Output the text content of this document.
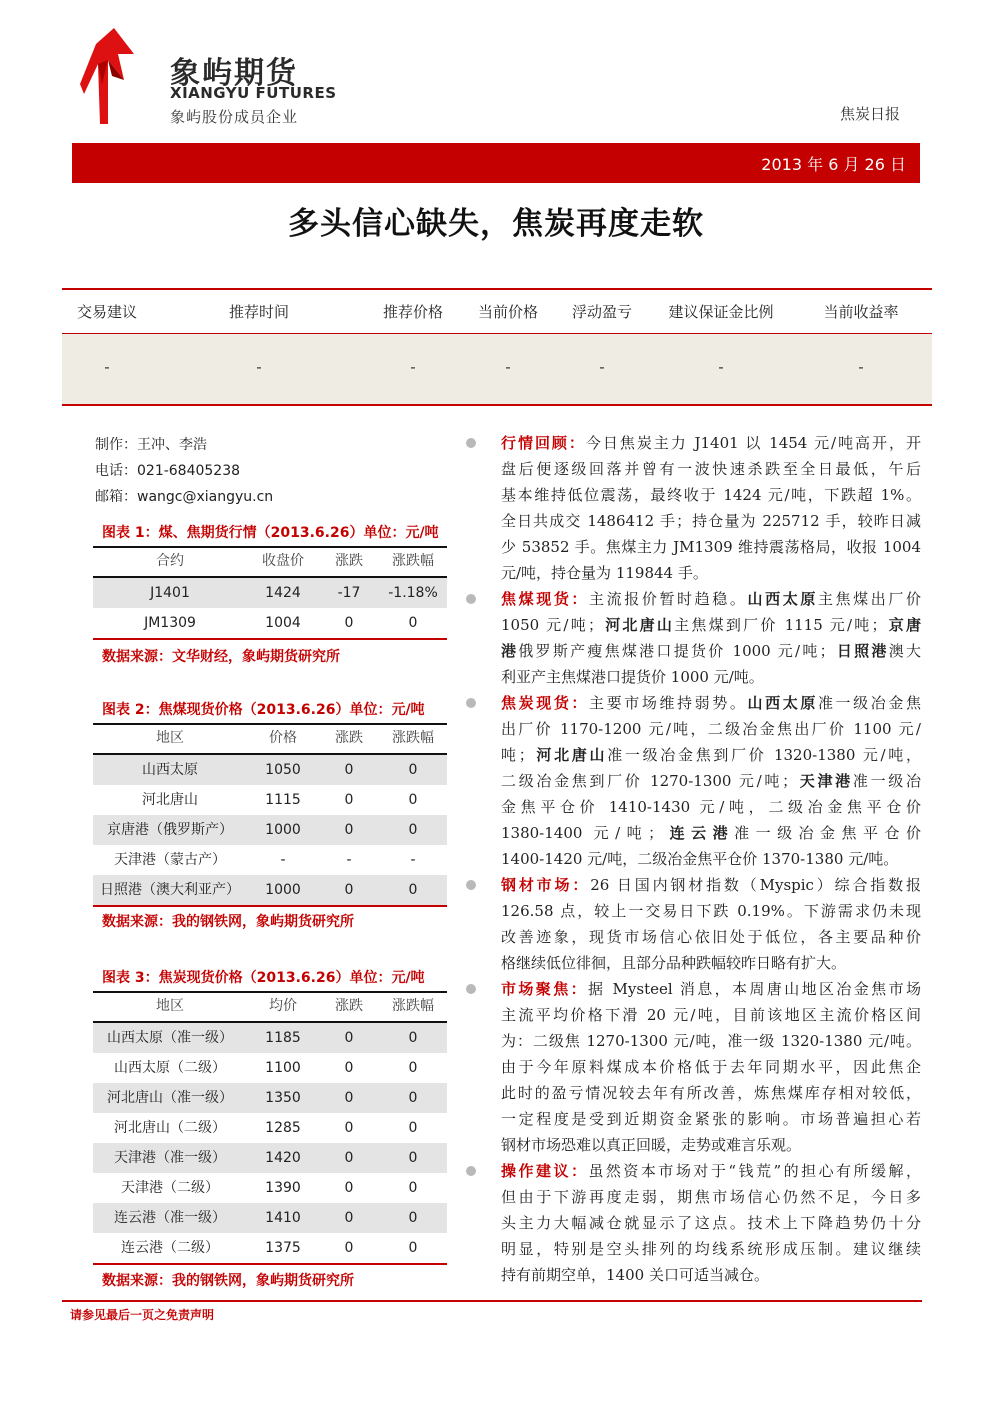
象屿期货
XIANGYU FUTURES
象屿股份成员企业	焦炭日报
2013 年 6 月 26 日
多头信心缺失，焦炭再度走软
交易建议	推荐时间	推荐价格	当前价格	浮动盈亏	建议保证金比例	当前收益率
-	-	-	-	-	-	-
制作：王冲、李浩
电话：021-68405238
邮箱：wangc@xiangyu.cn
图表 1：煤、焦期货行情（2013.6.26）单位：元/吨
合约	收盘价	涨跌	涨跌幅
J1401	1424	-17	-1.18%
JM1309	1004	0	0
数据来源：文华财经，象屿期货研究所
图表 2：焦煤现货价格（2013.6.26）单位：元/吨
地区	价格	涨跌	涨跌幅
山西太原	1050	0	0
河北唐山	1115	0	0
京唐港（俄罗斯产）	1000	0	0
天津港（蒙古产）	-	-	-
日照港（澳大利亚产）	1000	0	0
数据来源：我的钢铁网，象屿期货研究所
图表 3：焦炭现货价格（2013.6.26）单位：元/吨
地区	均价	涨跌	涨跌幅
山西太原（准一级）	1185	0	0
山西太原（二级）	1100	0	0
河北唐山（准一级）	1350	0	0
河北唐山（二级）	1285	0	0
天津港（准一级）	1420	0	0
天津港（二级）	1390	0	0
连云港（准一级）	1410	0	0
连云港（二级）	1375	0	0
数据来源：我的钢铁网，象屿期货研究所
行情回顾：今日焦炭主力 J1401 以 1454 元/吨高开，开
盘后便逐级回落并曾有一波快速杀跌至全日最低，午后
基本维持低位震荡，最终收于 1424 元/吨，下跌超 1%。
全日共成交 1486412 手；持仓量为 225712 手，较昨日减
少 53852 手。焦煤主力 JM1309 维持震荡格局，收报 1004
元/吨，持仓量为 119844 手。
焦煤现货：主流报价暂时趋稳。山西太原主焦煤出厂价
1050 元/吨；河北唐山主焦煤到厂价 1115 元/吨；京唐
港俄罗斯产瘦焦煤港口提货价 1000 元/吨；日照港澳大
利亚产主焦煤港口提货价 1000 元/吨。
焦炭现货：主要市场维持弱势。山西太原准一级冶金焦
出厂价 1170-1200 元/吨，二级冶金焦出厂价 1100 元/
吨；河北唐山准一级冶金焦到厂价 1320-1380 元/吨，
二级冶金焦到厂价 1270-1300 元/吨；天津港准一级冶
金焦平仓价 1410-1430 元/吨，二级冶金焦平仓价
1380-1400 元/吨；连云港准一级冶金焦平仓价
1400-1420 元/吨，二级冶金焦平仓价 1370-1380 元/吨。
钢材市场：26 日国内钢材指数（Myspic）综合指数报
126.58 点，较上一交易日下跌 0.19%。下游需求仍未现
改善迹象，现货市场信心依旧处于低位，各主要品种价
格继续低位徘徊，且部分品种跌幅较昨日略有扩大。
市场聚焦：据 Mysteel 消息，本周唐山地区冶金焦市场
主流平均价格下滑 20 元/吨，目前该地区主流价格区间
为：二级焦 1270-1300 元/吨，准一级 1320-1380 元/吨。
由于今年原料煤成本价格低于去年同期水平，因此焦企
此时的盈亏情况较去年有所改善，炼焦煤库存相对较低，
一定程度是受到近期资金紧张的影响。市场普遍担心若
钢材市场恐难以真正回暖，走势或难言乐观。
操作建议：虽然资本市场对于“钱荒”的担心有所缓解，
但由于下游再度走弱，期焦市场信心仍然不足，今日多
头主力大幅减仓就显示了这点。技术上下降趋势仍十分
明显，特别是空头排列的均线系统形成压制。建议继续
持有前期空单，1400 关口可适当减仓。
请参见最后一页之免责声明
